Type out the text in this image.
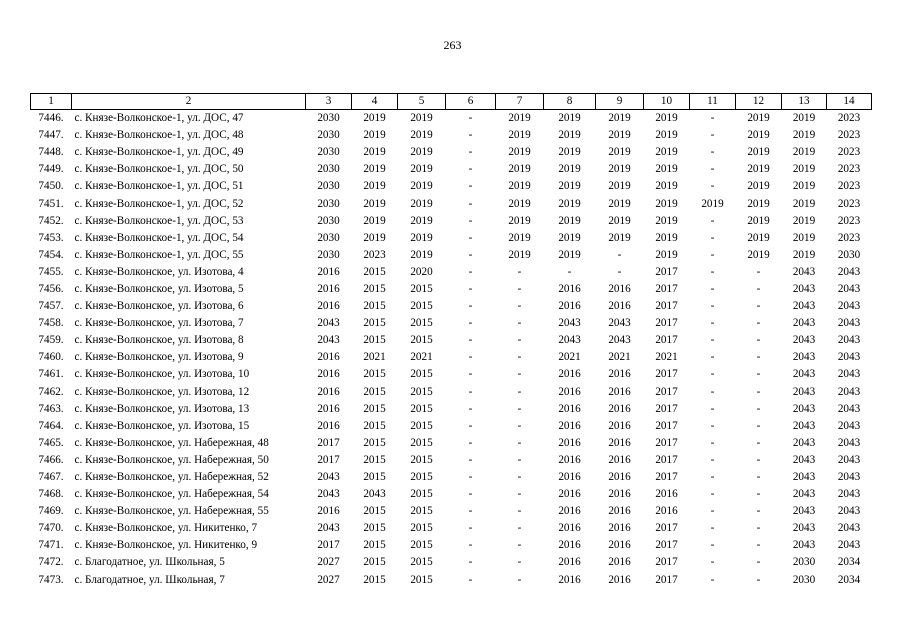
263
1	2	3	4	5	6	7	8	9	10	11	12	13	14
7446.	с. Князе-Волконское-1, ул. ДОС, 47	2030	2019	2019	-	2019	2019	2019	2019	-	2019	2019	2023
7447.	с. Князе-Волконское-1, ул. ДОС, 48	2030	2019	2019	-	2019	2019	2019	2019	-	2019	2019	2023
7448.	с. Князе-Волконское-1, ул. ДОС, 49	2030	2019	2019	-	2019	2019	2019	2019	-	2019	2019	2023
7449.	с. Князе-Волконское-1, ул. ДОС, 50	2030	2019	2019	-	2019	2019	2019	2019	-	2019	2019	2023
7450.	с. Князе-Волконское-1, ул. ДОС, 51	2030	2019	2019	-	2019	2019	2019	2019	-	2019	2019	2023
7451.	с. Князе-Волконское-1, ул. ДОС, 52	2030	2019	2019	-	2019	2019	2019	2019	2019	2019	2019	2023
7452.	с. Князе-Волконское-1, ул. ДОС, 53	2030	2019	2019	-	2019	2019	2019	2019	-	2019	2019	2023
7453.	с. Князе-Волконское-1, ул. ДОС, 54	2030	2019	2019	-	2019	2019	2019	2019	-	2019	2019	2023
7454.	с. Князе-Волконское-1, ул. ДОС, 55	2030	2023	2019	-	2019	2019	-	2019	-	2019	2019	2030
7455.	с. Князе-Волконское, ул. Изотова, 4	2016	2015	2020	-	-	-	-	2017	-	-	2043	2043
7456.	с. Князе-Волконское, ул. Изотова, 5	2016	2015	2015	-	-	2016	2016	2017	-	-	2043	2043
7457.	с. Князе-Волконское, ул. Изотова, 6	2016	2015	2015	-	-	2016	2016	2017	-	-	2043	2043
7458.	с. Князе-Волконское, ул. Изотова, 7	2043	2015	2015	-	-	2043	2043	2017	-	-	2043	2043
7459.	с. Князе-Волконское, ул. Изотова, 8	2043	2015	2015	-	-	2043	2043	2017	-	-	2043	2043
7460.	с. Князе-Волконское, ул. Изотова, 9	2016	2021	2021	-	-	2021	2021	2021	-	-	2043	2043
7461.	с. Князе-Волконское, ул. Изотова, 10	2016	2015	2015	-	-	2016	2016	2017	-	-	2043	2043
7462.	с. Князе-Волконское, ул. Изотова, 12	2016	2015	2015	-	-	2016	2016	2017	-	-	2043	2043
7463.	с. Князе-Волконское, ул. Изотова, 13	2016	2015	2015	-	-	2016	2016	2017	-	-	2043	2043
7464.	с. Князе-Волконское, ул. Изотова, 15	2016	2015	2015	-	-	2016	2016	2017	-	-	2043	2043
7465.	с. Князе-Волконское, ул. Набережная, 48	2017	2015	2015	-	-	2016	2016	2017	-	-	2043	2043
7466.	с. Князе-Волконское, ул. Набережная, 50	2017	2015	2015	-	-	2016	2016	2017	-	-	2043	2043
7467.	с. Князе-Волконское, ул. Набережная, 52	2043	2015	2015	-	-	2016	2016	2017	-	-	2043	2043
7468.	с. Князе-Волконское, ул. Набережная, 54	2043	2043	2015	-	-	2016	2016	2016	-	-	2043	2043
7469.	с. Князе-Волконское, ул. Набережная, 55	2016	2015	2015	-	-	2016	2016	2016	-	-	2043	2043
7470.	с. Князе-Волконское, ул. Никитенко, 7	2043	2015	2015	-	-	2016	2016	2017	-	-	2043	2043
7471.	с. Князе-Волконское, ул. Никитенко, 9	2017	2015	2015	-	-	2016	2016	2017	-	-	2043	2043
7472.	с. Благодатное, ул. Школьная, 5	2027	2015	2015	-	-	2016	2016	2017	-	-	2030	2034
7473.	с. Благодатное, ул. Школьная, 7	2027	2015	2015	-	-	2016	2016	2017	-	-	2030	2034
